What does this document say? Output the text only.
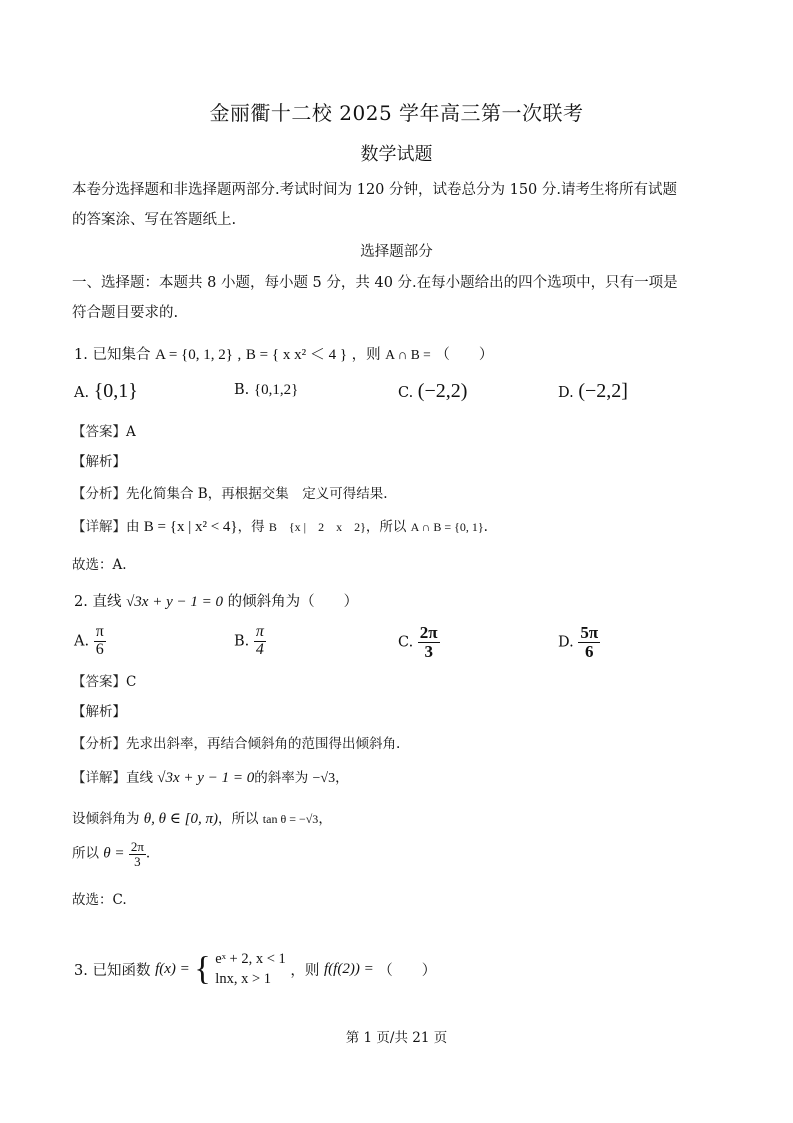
金丽衢十二校 2025 学年高三第一次联考
数学试题
本卷分选择题和非选择题两部分.考试时间为 120 分钟，试卷总分为 150 分.请考生将所有试题
的答案涂、写在答题纸上.
选择题部分
一、选择题：本题共 8 小题，每小题 5 分，共 40 分.在每小题给出的四个选项中，只有一项是
符合题目要求的.
1. 已知集合 A = {0, 1, 2} , B = { x x² ＜ 4 } ，则 A ∩ B = （　　）
A. {0,1}	B. {0,1,2}	C. (−2,2)	D. (−2,2]
【答案】A
【解析】
【分析】先化简集合 B，再根据交集　定义可得结果.
【详解】由 B = {x | x² < 4}，得 B　{x |　2　x　2}，所以 A ∩ B = {0, 1}.
故选：A.
2. 直线 √3x + y − 1 = 0 的倾斜角为（　　）
A. $\frac{\pi}{6}$	B. $\frac{\pi}{4}$	C. $\frac{2\pi}{3}$	D. $\frac{5\pi}{6}$
【答案】C
【解析】
【分析】先求出斜率，再结合倾斜角的范围得出倾斜角.
【详解】直线 √3x + y − 1 = 0的斜率为 −√3，
设倾斜角为 θ, θ ∈ [0, π)，所以 tan θ = −√3，
所以 $\theta = \frac{2\pi}{3}$ .
故选：C.
3. 已知函数 f(x) = { eˣ + 2, x < 1
lnx, x > 1	，则 f(f(2)) = （　　）
第 1 页/共 21 页
